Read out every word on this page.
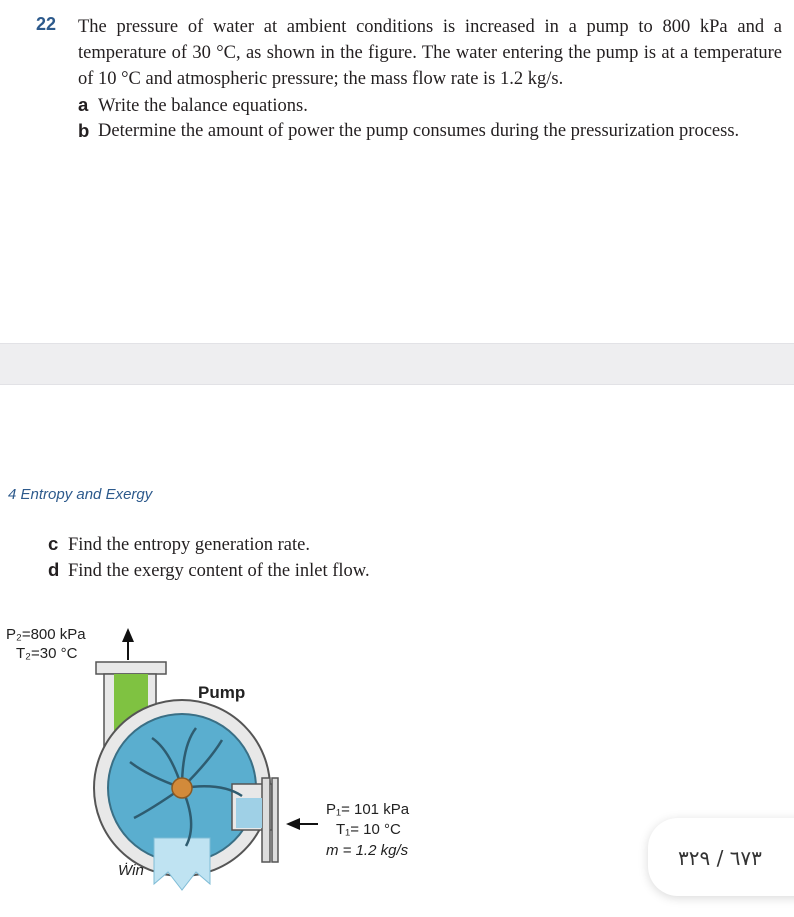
22 The pressure of water at ambient conditions is increased in a pump to 800 kPa and a temperature of 30 °C, as shown in the figure. The water entering the pump is at a temperature of 10 °C and atmospheric pressure; the mass flow rate is 1.2 kg/s.
a Write the balance equations.
b Determine the amount of power the pump consumes during the pressurization process.
4 Entropy and Exergy
c Find the entropy generation rate.
d Find the exergy content of the inlet flow.
P₂=800 kPa
T₂=30 °C
Pump
P₁= 101 kPa
T₁= 10 °C
m = 1.2 kg/s
Ẇin
۳۲۹ / ٦٧٣
